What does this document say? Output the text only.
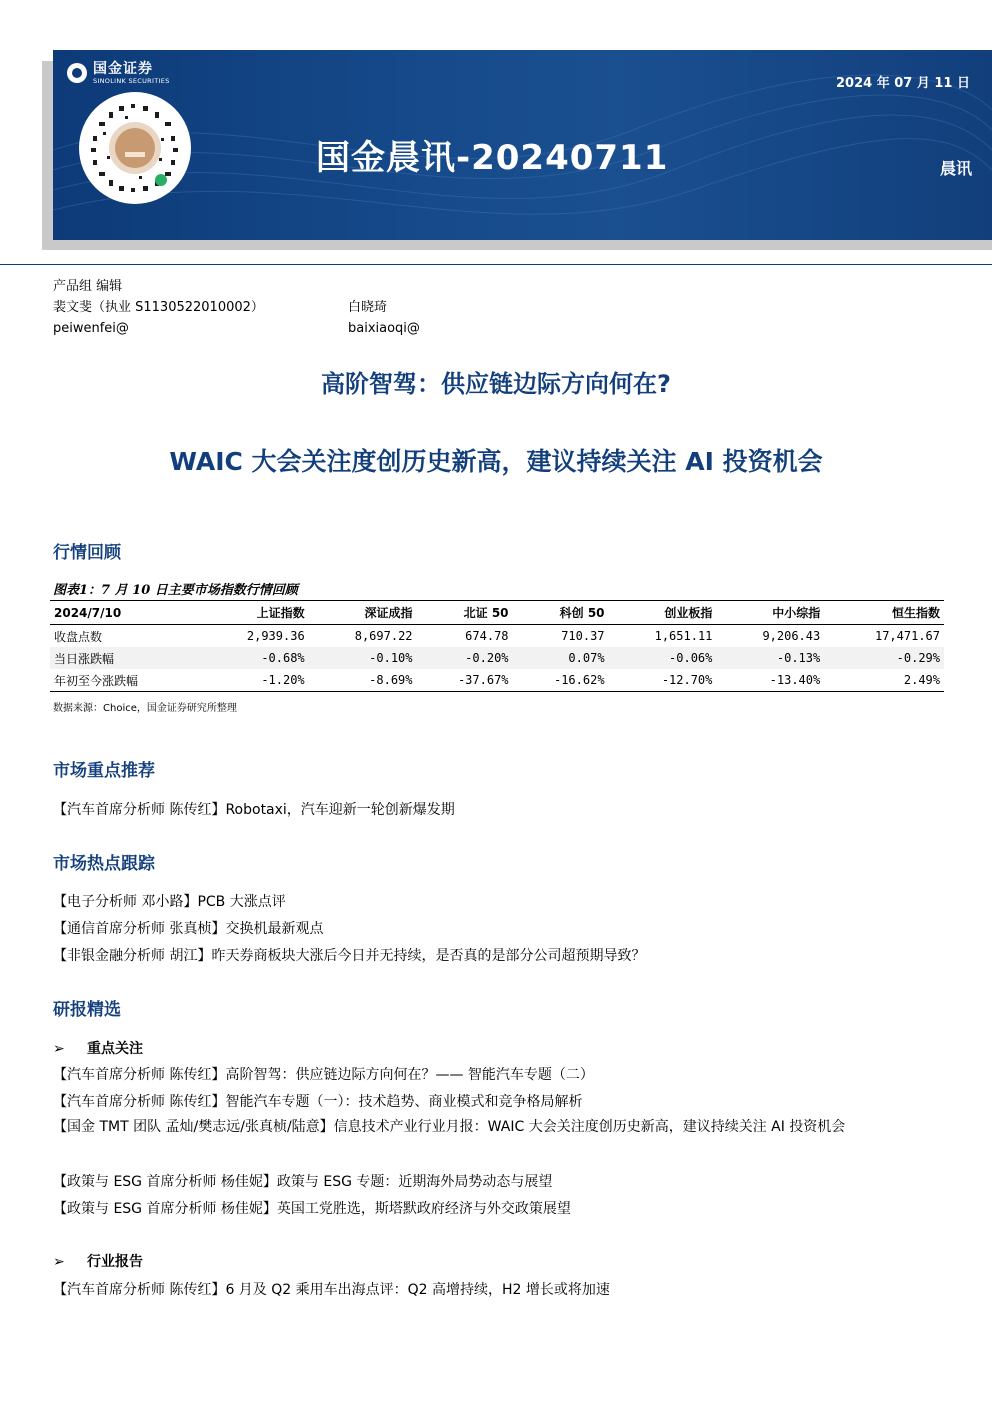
国金证券
SINOLINK SECURITIES	2024 年 07 月 11 日
国金晨讯-20240711	晨讯
产品组 编辑
裴文斐（执业 S1130522010002）
peiwenfei@
白晓琦
baixiaoqi@
高阶智驾：供应链边际方向何在?
WAIC 大会关注度创历史新高，建议持续关注 AI 投资机会
行情回顾
图表1：7 月 10 日主要市场指数行情回顾
2024/7/10	上证指数	深证成指	北证 50	科创 50	创业板指	中小综指	恒生指数
收盘点数	2,939.36	8,697.22	674.78	710.37	1,651.11	9,206.43	17,471.67
当日涨跌幅	-0.68%	-0.10%	-0.20%	0.07%	-0.06%	-0.13%	-0.29%
年初至今涨跌幅	-1.20%	-8.69%	-37.67%	-16.62%	-12.70%	-13.40%	2.49%
数据来源：Choice，国金证券研究所整理
市场重点推荐
【汽车首席分析师 陈传红】Robotaxi，汽车迎新一轮创新爆发期
市场热点跟踪
【电子分析师 邓小路】PCB 大涨点评
【通信首席分析师 张真桢】交换机最新观点
【非银金融分析师 胡江】昨天券商板块大涨后今日并无持续，是否真的是部分公司超预期导致？
研报精选
➢ 重点关注
【汽车首席分析师 陈传红】高阶智驾：供应链边际方向何在？—— 智能汽车专题（二）
【汽车首席分析师 陈传红】智能汽车专题（一）：技术趋势、商业模式和竞争格局解析
【国金 TMT 团队 孟灿/樊志远/张真桢/陆意】信息技术产业行业月报：WAIC 大会关注度创历史新高，建议持续关注 AI 投资机会
【政策与 ESG 首席分析师 杨佳妮】政策与 ESG 专题：近期海外局势动态与展望
【政策与 ESG 首席分析师 杨佳妮】英国工党胜选，斯塔默政府经济与外交政策展望
➢ 行业报告
【汽车首席分析师 陈传红】6 月及 Q2 乘用车出海点评：Q2 高增持续，H2 增长或将加速
